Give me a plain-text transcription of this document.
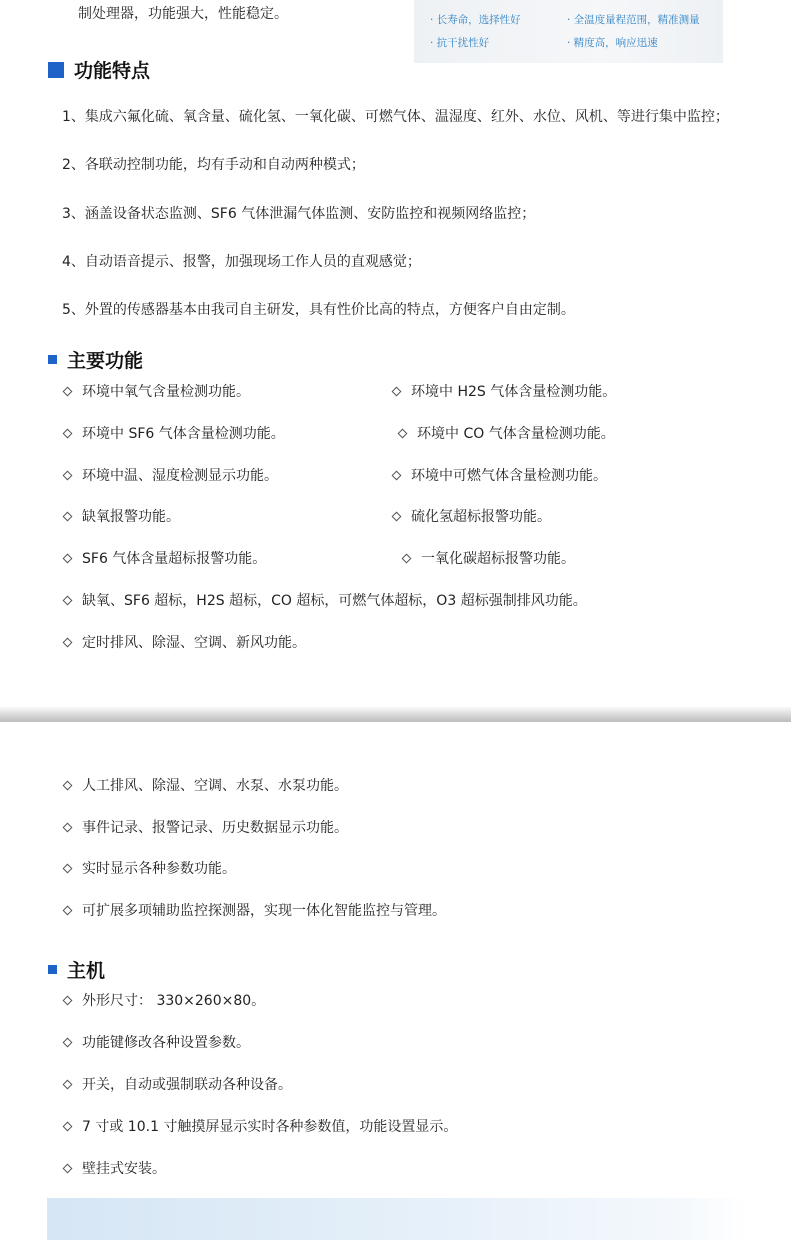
制处理器，功能强大，性能稳定。	· 长寿命，选择性好	· 全温度量程范围，精准测量
· 抗干扰性好	· 精度高，响应迅速
功能特点
1、集成六氟化硫、氧含量、硫化氢、一氧化碳、可燃气体、温湿度、红外、水位、风机、等进行集中监控；
2、各联动控制功能，均有手动和自动两种模式；
3、涵盖设备状态监测、SF6 气体泄漏气体监测、安防监控和视频网络监控；
4、自动语音提示、报警，加强现场工作人员的直观感觉；
5、外置的传感器基本由我司自主研发，具有性价比高的特点，方便客户自由定制。
主要功能
环境中氧气含量检测功能。	环境中 H2S 气体含量检测功能。
环境中 SF6 气体含量检测功能。	环境中 CO 气体含量检测功能。
环境中温、湿度检测显示功能。	环境中可燃气体含量检测功能。
缺氧报警功能。	硫化氢超标报警功能。
SF6 气体含量超标报警功能。	一氧化碳超标报警功能。
缺氧、SF6 超标，H2S 超标，CO 超标，可燃气体超标，O3 超标强制排风功能。
定时排风、除湿、空调、新风功能。
人工排风、除湿、空调、水泵、水泵功能。
事件记录、报警记录、历史数据显示功能。
实时显示各种参数功能。
可扩展多项辅助监控探测器，实现一体化智能监控与管理。
主机
外形尺寸： 330×260×80。
功能键修改各种设置参数。
开关，自动或强制联动各种设备。
7 寸或 10.1 寸触摸屏显示实时各种参数值，功能设置显示。
壁挂式安装。
